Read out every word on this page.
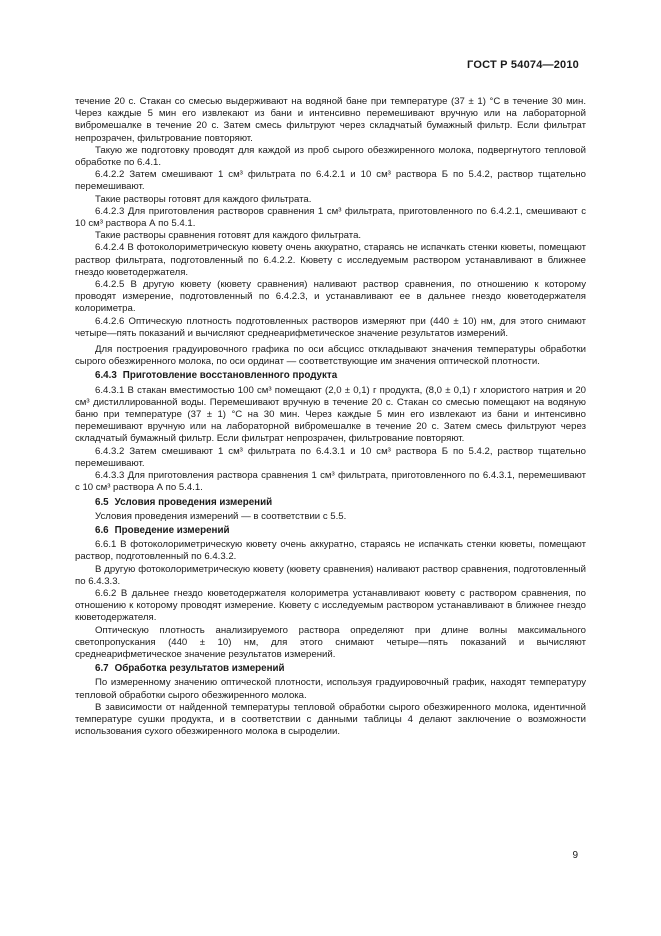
ГОСТ Р 54074—2010

течение 20 с. Стакан со смесью выдерживают на водяной бане при температуре (37 ± 1) °С в течение 30 мин. Через каждые 5 мин его извлекают из бани и интенсивно перемешивают вручную или на лабораторной вибромешалке в течение 20 с. Затем смесь фильтруют через складчатый бумажный фильтр. Если фильтрат непрозрачен, фильтрование повторяют.

Такую же подготовку проводят для каждой из проб сырого обезжиренного молока, подвергнутого тепловой обработке по 6.4.1.

6.4.2.2 Затем смешивают 1 см³ фильтрата по 6.4.2.1 и 10 см³ раствора Б по 5.4.2, раствор тщательно перемешивают.

Такие растворы готовят для каждого фильтрата.

6.4.2.3 Для приготовления растворов сравнения 1 см³ фильтрата, приготовленного по 6.4.2.1, смешивают с 10 см³ раствора А по 5.4.1.

Такие растворы сравнения готовят для каждого фильтрата.

6.4.2.4 В фотоколориметрическую кювету очень аккуратно, стараясь не испачкать стенки кюветы, помещают раствор фильтрата, подготовленный по 6.4.2.2. Кювету с исследуемым раствором устанавливают в ближнее гнездо кюветодержателя.

6.4.2.5 В другую кювету (кювету сравнения) наливают раствор сравнения, по отношению к которому проводят измерение, подготовленный по 6.4.2.3, и устанавливают ее в дальнее гнездо кюветодержателя колориметра.

6.4.2.6 Оптическую плотность подготовленных растворов измеряют при (440 ± 10) нм, для этого снимают четыре—пять показаний и вычисляют среднеарифметическое значение результатов измерений.

Для построения градуировочного графика по оси абсцисс откладывают значения температуры обработки сырого обезжиренного молока, по оси ординат — соответствующие им значения оптической плотности.

6.4.3 Приготовление восстановленного продукта

6.4.3.1 В стакан вместимостью 100 см³ помещают (2,0 ± 0,1) г продукта, (8,0 ± 0,1) г хлористого натрия и 20 см³ дистиллированной воды. Перемешивают вручную в течение 20 с. Стакан со смесью помещают на водяную баню при температуре (37 ± 1) °С на 30 мин. Через каждые 5 мин его извлекают из бани и интенсивно перемешивают вручную или на лабораторной вибромешалке в течение 20 с. Затем смесь фильтруют через складчатый бумажный фильтр. Если фильтрат непрозрачен, фильтрование повторяют.

6.4.3.2 Затем смешивают 1 см³ фильтрата по 6.4.3.1 и 10 см³ раствора Б по 5.4.2, раствор тщательно перемешивают.

6.4.3.3 Для приготовления раствора сравнения 1 см³ фильтрата, приготовленного по 6.4.3.1, перемешивают с 10 см³ раствора А по 5.4.1.

6.5 Условия проведения измерений

Условия проведения измерений — в соответствии с 5.5.

6.6 Проведение измерений

6.6.1 В фотоколориметрическую кювету очень аккуратно, стараясь не испачкать стенки кюветы, помещают раствор, подготовленный по 6.4.3.2.

В другую фотоколориметрическую кювету (кювету сравнения) наливают раствор сравнения, подготовленный по 6.4.3.3.

6.6.2 В дальнее гнездо кюветодержателя колориметра устанавливают кювету с раствором сравнения, по отношению к которому проводят измерение. Кювету с исследуемым раствором устанавливают в ближнее гнездо кюветодержателя.

Оптическую плотность анализируемого раствора определяют при длине волны максимального светопропускания (440 ± 10) нм, для этого снимают четыре—пять показаний и вычисляют среднеарифметическое значение результатов измерений.

6.7 Обработка результатов измерений

По измеренному значению оптической плотности, используя градуировочный график, находят температуру тепловой обработки сырого обезжиренного молока.

В зависимости от найденной температуры тепловой обработки сырого обезжиренного молока, идентичной температуре сушки продукта, и в соответствии с данными таблицы 4 делают заключение о возможности использования сухого обезжиренного молока в сыроделии.

9
